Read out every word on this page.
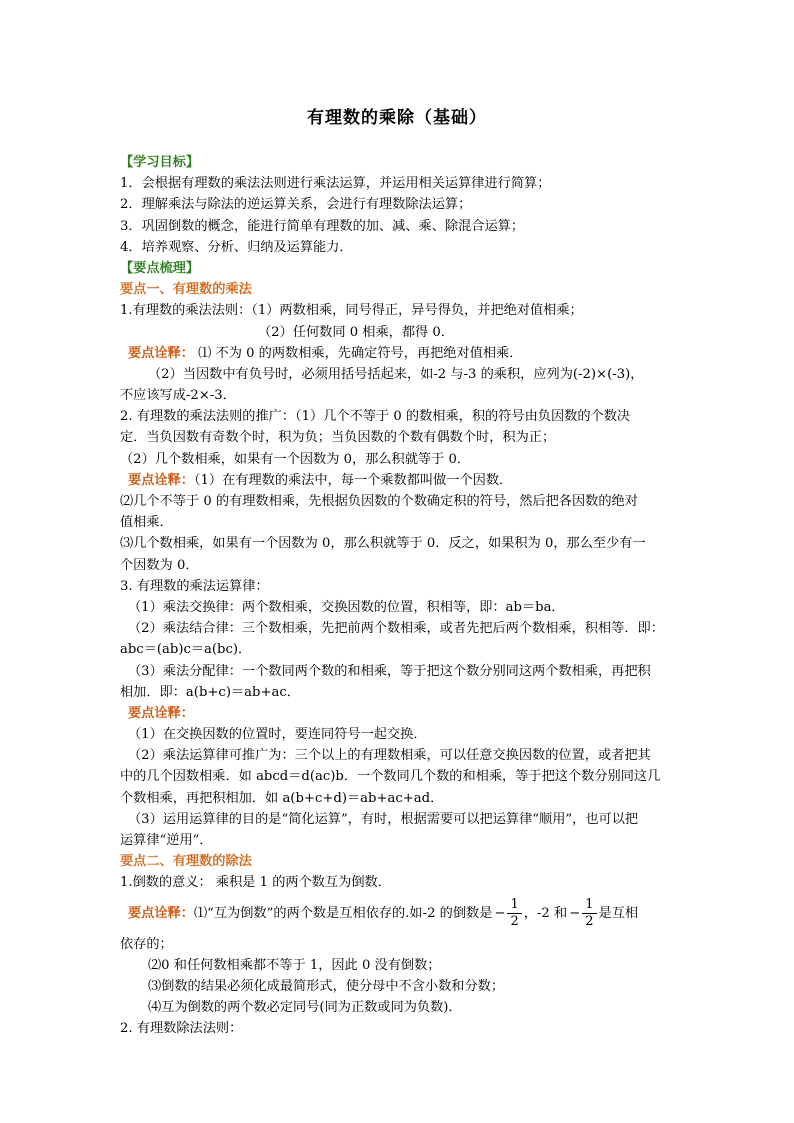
有理数的乘除（基础）
【学习目标】
1．会根据有理数的乘法法则进行乘法运算，并运用相关运算律进行简算；
2．理解乘法与除法的逆运算关系，会进行有理数除法运算；
3．巩固倒数的概念，能进行简单有理数的加、减、乘、除混合运算；
4．培养观察、分析、归纳及运算能力．
【要点梳理】
要点一、有理数的乘法
1.有理数的乘法法则：（1）两数相乘，同号得正，异号得负，并把绝对值相乘；
（2）任何数同 0 相乘，都得 0．
要点诠释： ⑴ 不为 0 的两数相乘，先确定符号，再把绝对值相乘．
（2）当因数中有负号时，必须用括号括起来，如-2 与-3 的乘积，应列为(-2)×(-3)，
不应该写成-2×-3．
2. 有理数的乘法法则的推广：（1）几个不等于 0 的数相乘，积的符号由负因数的个数决
定．当负因数有奇数个时，积为负；当负因数的个数有偶数个时，积为正；
（2）几个数相乘，如果有一个因数为 0，那么积就等于 0．
要点诠释：（1）在有理数的乘法中，每一个乘数都叫做一个因数．
⑵几个不等于 0 的有理数相乘，先根据负因数的个数确定积的符号，然后把各因数的绝对
值相乘．
⑶几个数相乘，如果有一个因数为 0，那么积就等于 0．反之，如果积为 0，那么至少有一
个因数为 0．
3. 有理数的乘法运算律：
（1）乘法交换律：两个数相乘，交换因数的位置，积相等，即：ab＝ba．
（2）乘法结合律：三个数相乘，先把前两个数相乘，或者先把后两个数相乘，积相等．即：
abc＝(ab)c＝a(bc)．
（3）乘法分配律：一个数同两个数的和相乘，等于把这个数分别同这两个数相乘，再把积
相加．即：a(b+c)＝ab+ac．
要点诠释：
（1）在交换因数的位置时，要连同符号一起交换．
（2）乘法运算律可推广为：三个以上的有理数相乘，可以任意交换因数的位置，或者把其
中的几个因数相乘．如 abcd＝d(ac)b．一个数同几个数的和相乘，等于把这个数分别同这几
个数相乘，再把积相加．如 a(b+c+d)＝ab+ac+ad．
（3）运用运算律的目的是“简化运算”，有时，根据需要可以把运算律“顺用”，也可以把
运算律“逆用”．
要点二、有理数的除法
1.倒数的意义： 乘积是 1 的两个数互为倒数．
要点诠释： ⑴“互为倒数”的两个数是互相依存的.如-2 的倒数是 − $\frac{1}{2}$ ，-2 和 − $\frac{1}{2}$ 是互相
依存的；
⑵0 和任何数相乘都不等于 1，因此 0 没有倒数；
⑶倒数的结果必须化成最简形式，使分母中不含小数和分数；
⑷互为倒数的两个数必定同号(同为正数或同为负数)．
2. 有理数除法法则：
